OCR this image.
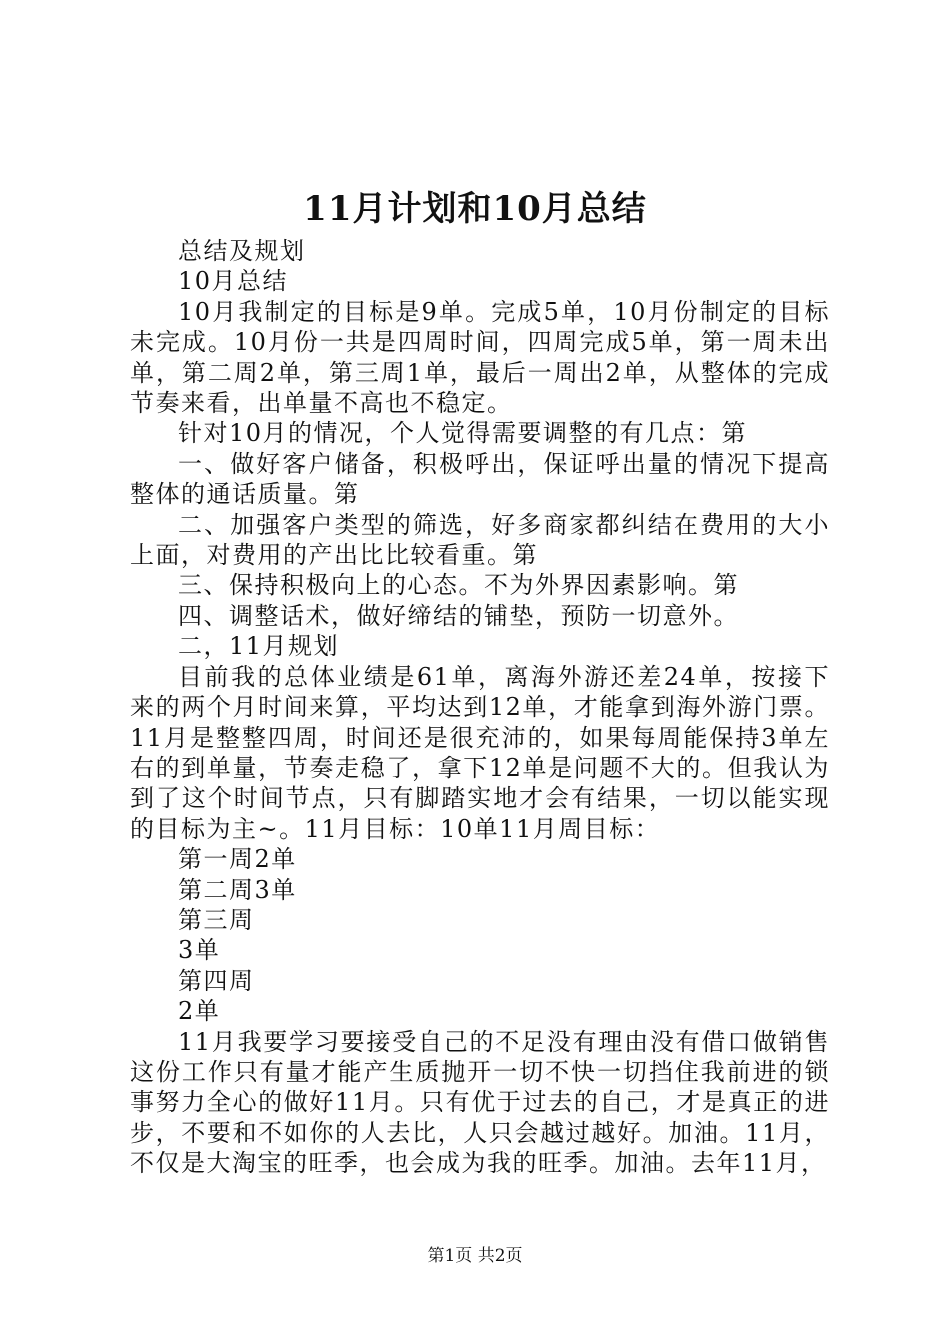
11月计划和10月总结

总结及规划

10月总结

10月我制定的目标是9单。完成5单，10月份制定的目标未完成。10月份一共是四周时间，四周完成5单，第一周未出单，第二周2单，第三周1单，最后一周出2单，从整体的完成节奏来看，出单量不高也不稳定。

针对10月的情况，个人觉得需要调整的有几点：第

一、做好客户储备，积极呼出，保证呼出量的情况下提高整体的通话质量。第

二、加强客户类型的筛选，好多商家都纠结在费用的大小上面，对费用的产出比比较看重。第

三、保持积极向上的心态。不为外界因素影响。第

四、调整话术，做好缔结的铺垫，预防一切意外。

二，11月规划

目前我的总体业绩是61单，离海外游还差24单，按接下来的两个月时间来算，平均达到12单，才能拿到海外游门票。11月是整整四周，时间还是很充沛的，如果每周能保持3单左右的到单量，节奏走稳了，拿下12单是问题不大的。但我认为到了这个时间节点，只有脚踏实地才会有结果，一切以能实现的目标为主~。11月目标：10单11月周目标：

第一周2单

第二周3单

第三周

3单

第四周

2单

11月我要学习要接受自己的不足没有理由没有借口做销售这份工作只有量才能产生质抛开一切不快一切挡住我前进的锁事努力全心的做好11月。只有优于过去的自己，才是真正的进步，不要和不如你的人去比，人只会越过越好。加油。11月，不仅是大淘宝的旺季，也会成为我的旺季。加油。去年11月，

第1页 共2页
